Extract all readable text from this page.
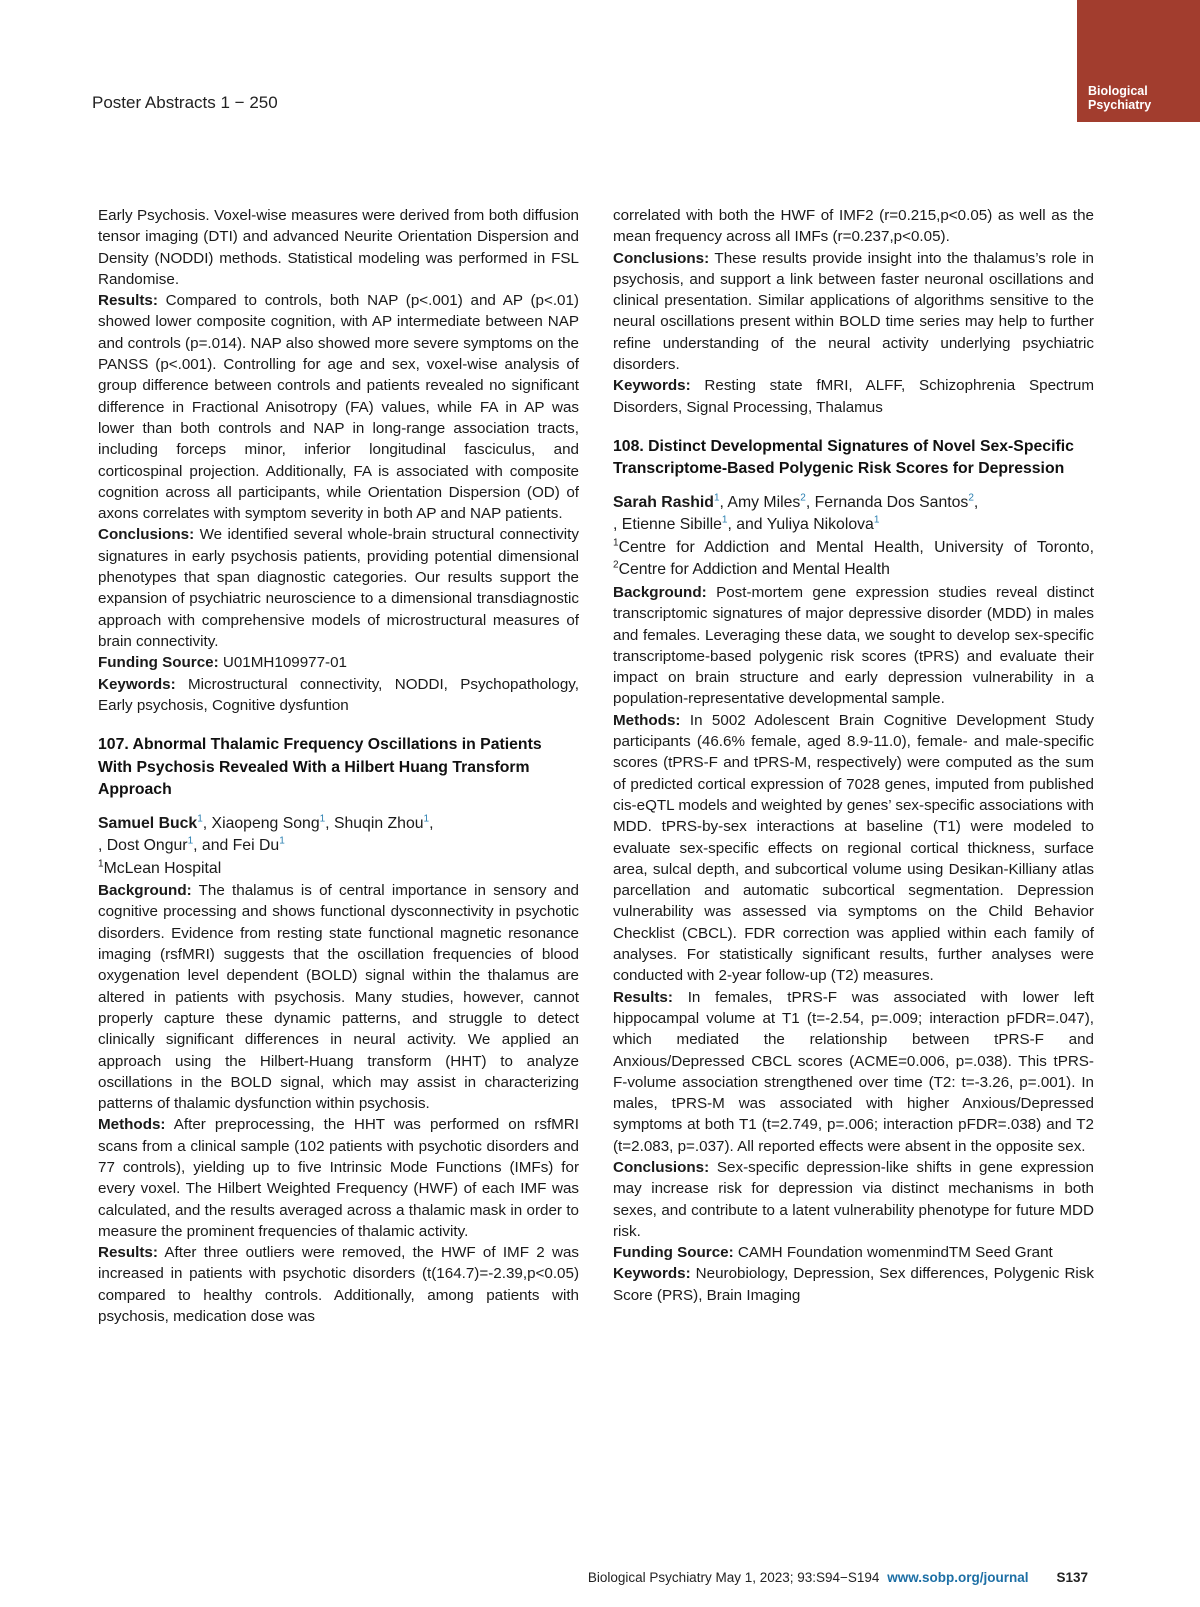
Poster Abstracts 1 − 250
Biological
Psychiatry

Early Psychosis. Voxel-wise measures were derived from both diffusion tensor imaging (DTI) and advanced Neurite Orientation Dispersion and Density (NODDI) methods. Statistical modeling was performed in FSL Randomise.

Results: Compared to controls, both NAP (p<.001) and AP (p<.01) showed lower composite cognition, with AP intermediate between NAP and controls (p=.014). NAP also showed more severe symptoms on the PANSS (p<.001). Controlling for age and sex, voxel-wise analysis of group difference between controls and patients revealed no significant difference in Fractional Anisotropy (FA) values, while FA in AP was lower than both controls and NAP in long-range association tracts, including forceps minor, inferior longitudinal fasciculus, and corticospinal projection. Additionally, FA is associated with composite cognition across all participants, while Orientation Dispersion (OD) of axons correlates with symptom severity in both AP and NAP patients.

Conclusions: We identified several whole-brain structural connectivity signatures in early psychosis patients, providing potential dimensional phenotypes that span diagnostic categories. Our results support the expansion of psychiatric neuroscience to a dimensional transdiagnostic approach with comprehensive models of microstructural measures of brain connectivity.

Funding Source: U01MH109977-01

Keywords: Microstructural connectivity, NODDI, Psychopathology, Early psychosis, Cognitive dysfuntion

107. Abnormal Thalamic Frequency Oscillations in Patients With Psychosis Revealed With a Hilbert Huang Transform Approach

Samuel Buck$^1$, Xiaopeng Song$^1$, Shuqin Zhou$^1$,
, Dost Ongur$^1$, and Fei Du$^1$

$^1$McLean Hospital

Background: The thalamus is of central importance in sensory and cognitive processing and shows functional dysconnectivity in psychotic disorders. Evidence from resting state functional magnetic resonance imaging (rsfMRI) suggests that the oscillation frequencies of blood oxygenation level dependent (BOLD) signal within the thalamus are altered in patients with psychosis. Many studies, however, cannot properly capture these dynamic patterns, and struggle to detect clinically significant differences in neural activity. We applied an approach using the Hilbert-Huang transform (HHT) to analyze oscillations in the BOLD signal, which may assist in characterizing patterns of thalamic dysfunction within psychosis.

Methods: After preprocessing, the HHT was performed on rsfMRI scans from a clinical sample (102 patients with psychotic disorders and 77 controls), yielding up to five Intrinsic Mode Functions (IMFs) for every voxel. The Hilbert Weighted Frequency (HWF) of each IMF was calculated, and the results averaged across a thalamic mask in order to measure the prominent frequencies of thalamic activity.

Results: After three outliers were removed, the HWF of IMF 2 was increased in patients with psychotic disorders (t(164.7)=-2.39,p<0.05) compared to healthy controls. Additionally, among patients with psychosis, medication dose was

correlated with both the HWF of IMF2 (r=0.215,p<0.05) as well as the mean frequency across all IMFs (r=0.237,p<0.05).

Conclusions: These results provide insight into the thalamus’s role in psychosis, and support a link between faster neuronal oscillations and clinical presentation. Similar applications of algorithms sensitive to the neural oscillations present within BOLD time series may help to further refine understanding of the neural activity underlying psychiatric disorders.

Keywords: Resting state fMRI, ALFF, Schizophrenia Spectrum Disorders, Signal Processing, Thalamus

108. Distinct Developmental Signatures of Novel Sex-Specific Transcriptome-Based Polygenic Risk Scores for Depression

Sarah Rashid$^1$, Amy Miles$^2$, Fernanda Dos Santos$^2$,
, Etienne Sibille$^1$, and Yuliya Nikolova$^1$

$^1$Centre for Addiction and Mental Health, University of Toronto, $^2$Centre for Addiction and Mental Health

Background: Post-mortem gene expression studies reveal distinct transcriptomic signatures of major depressive disorder (MDD) in males and females. Leveraging these data, we sought to develop sex-specific transcriptome-based polygenic risk scores (tPRS) and evaluate their impact on brain structure and early depression vulnerability in a population-representative developmental sample.

Methods: In 5002 Adolescent Brain Cognitive Development Study participants (46.6% female, aged 8.9-11.0), female- and male-specific scores (tPRS-F and tPRS-M, respectively) were computed as the sum of predicted cortical expression of 7028 genes, imputed from published cis-eQTL models and weighted by genes’ sex-specific associations with MDD. tPRS-by-sex interactions at baseline (T1) were modeled to evaluate sex-specific effects on regional cortical thickness, surface area, sulcal depth, and subcortical volume using Desikan-Killiany atlas parcellation and automatic subcortical segmentation. Depression vulnerability was assessed via symptoms on the Child Behavior Checklist (CBCL). FDR correction was applied within each family of analyses. For statistically significant results, further analyses were conducted with 2-year follow-up (T2) measures.

Results: In females, tPRS-F was associated with lower left hippocampal volume at T1 (t=-2.54, p=.009; interaction pFDR=.047), which mediated the relationship between tPRS-F and Anxious/Depressed CBCL scores (ACME=0.006, p=.038). This tPRS-F-volume association strengthened over time (T2: t=-3.26, p=.001). In males, tPRS-M was associated with higher Anxious/Depressed symptoms at both T1 (t=2.749, p=.006; interaction pFDR=.038) and T2 (t=2.083, p=.037). All reported effects were absent in the opposite sex.

Conclusions: Sex-specific depression-like shifts in gene expression may increase risk for depression via distinct mechanisms in both sexes, and contribute to a latent vulnerability phenotype for future MDD risk.

Funding Source: CAMH Foundation womenmindTM Seed Grant

Keywords: Neurobiology, Depression, Sex differences, Polygenic Risk Score (PRS), Brain Imaging

Biological Psychiatry May 1, 2023; 93:S94−S194 www.sobp.org/journal S137
